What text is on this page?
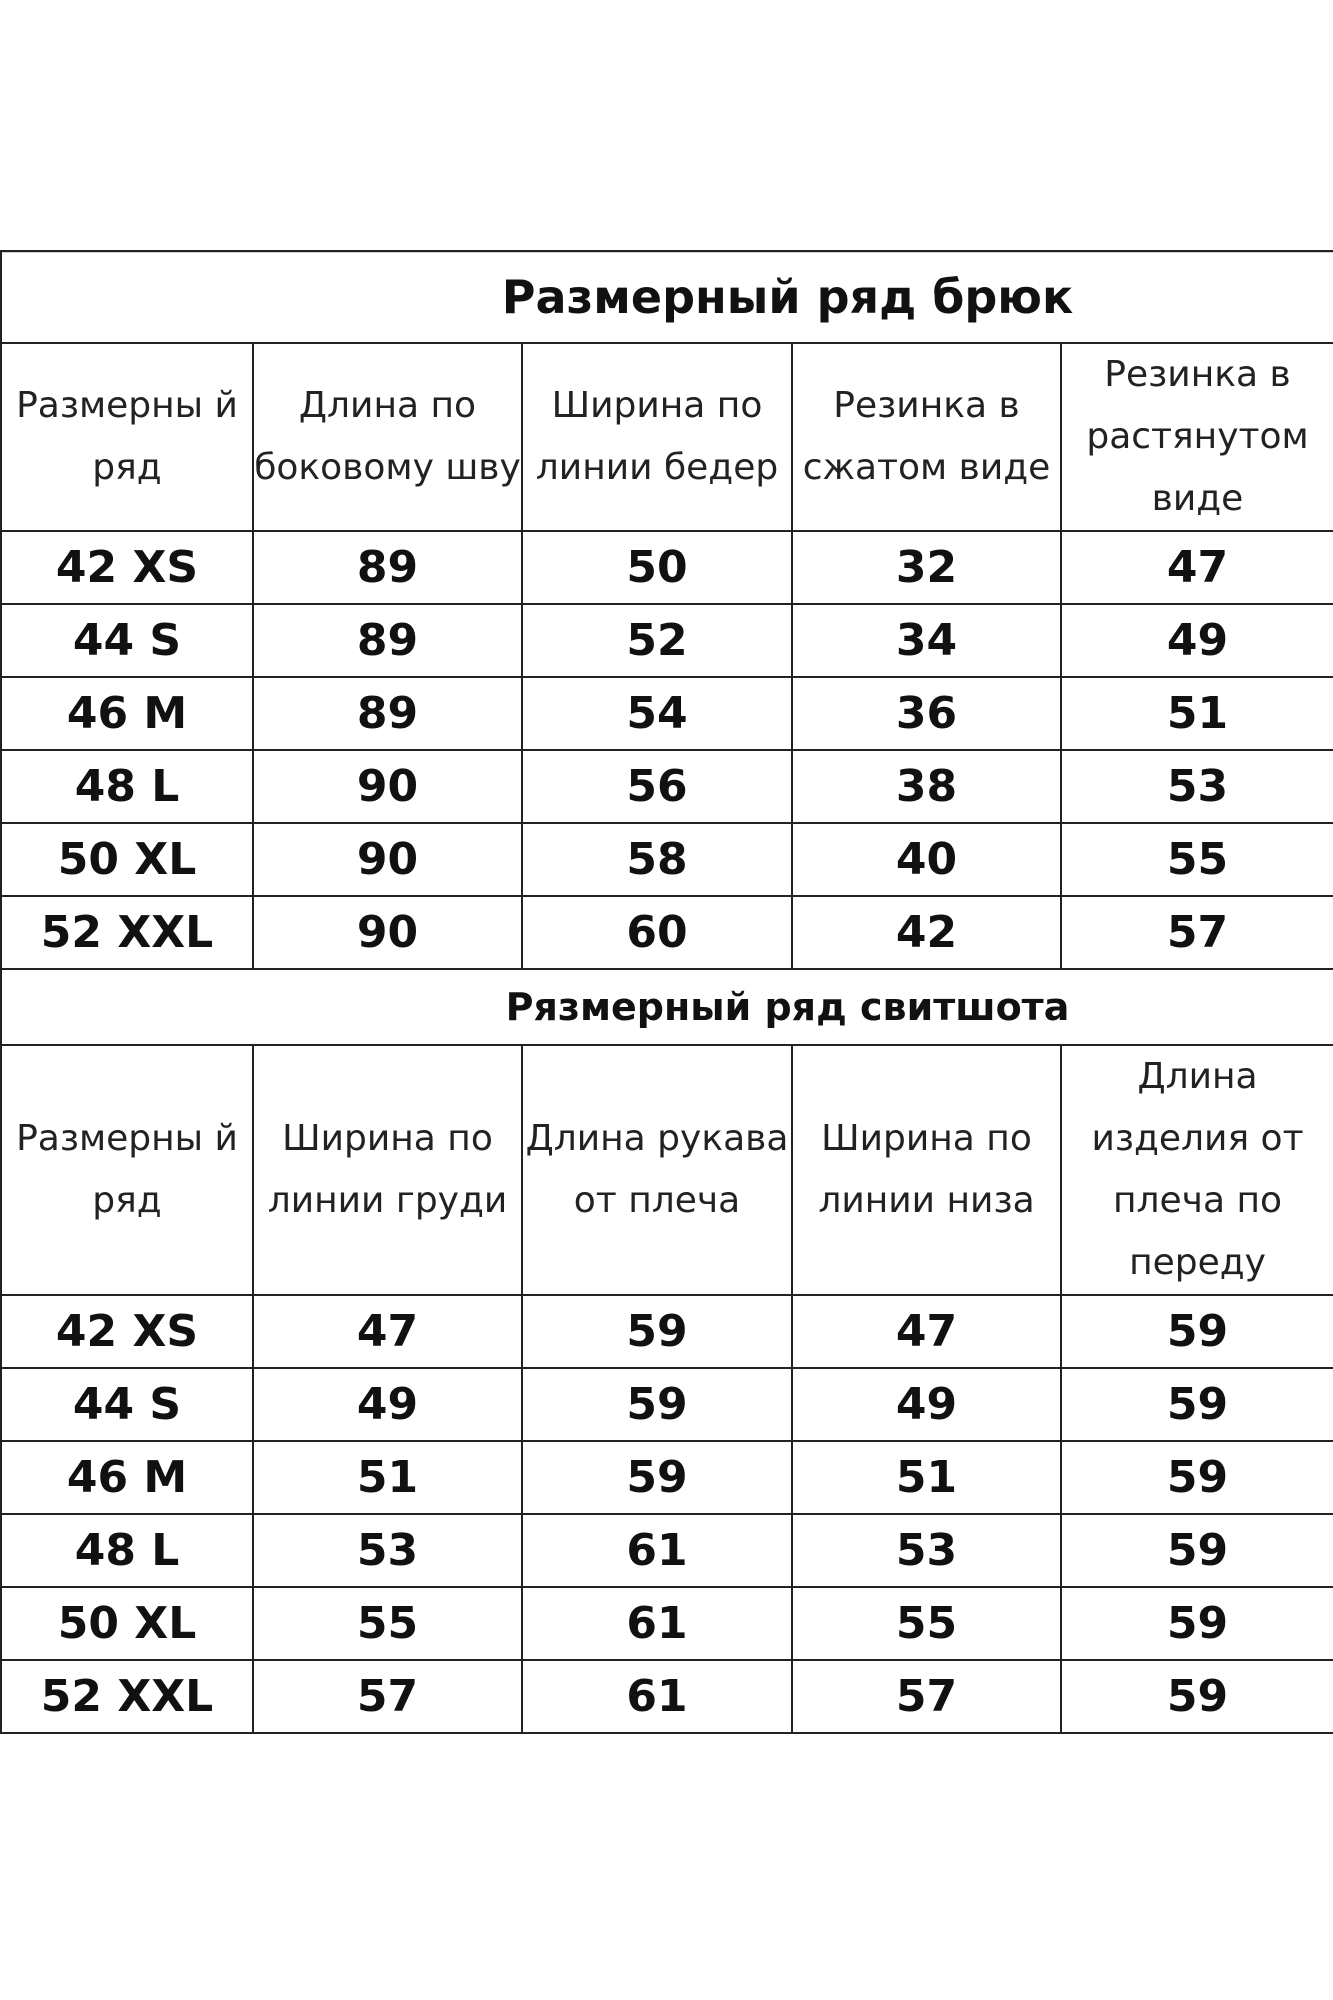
Размерный ряд брюк				
Размерны й ряд	Длина по боковому шву	Ширина по линии бедер	Резинка в сжатом виде	Резинка в растянутом виде
42 XS	89	50	32	47
44 S	89	52	34	49
46 M	89	54	36	51
48 L	90	56	38	53
50 XL	90	58	40	55
52 XXL	90	60	42	57
Рязмерный ряд свитшота				
Размерны й ряд	Ширина по линии груди	Длина рукава от плеча	Ширина по линии низа	Длина изделия от плеча по переду
42 XS	47	59	47	59
44 S	49	59	49	59
46 M	51	59	51	59
48 L	53	61	53	59
50 XL	55	61	55	59
52 XXL	57	61	57	59
